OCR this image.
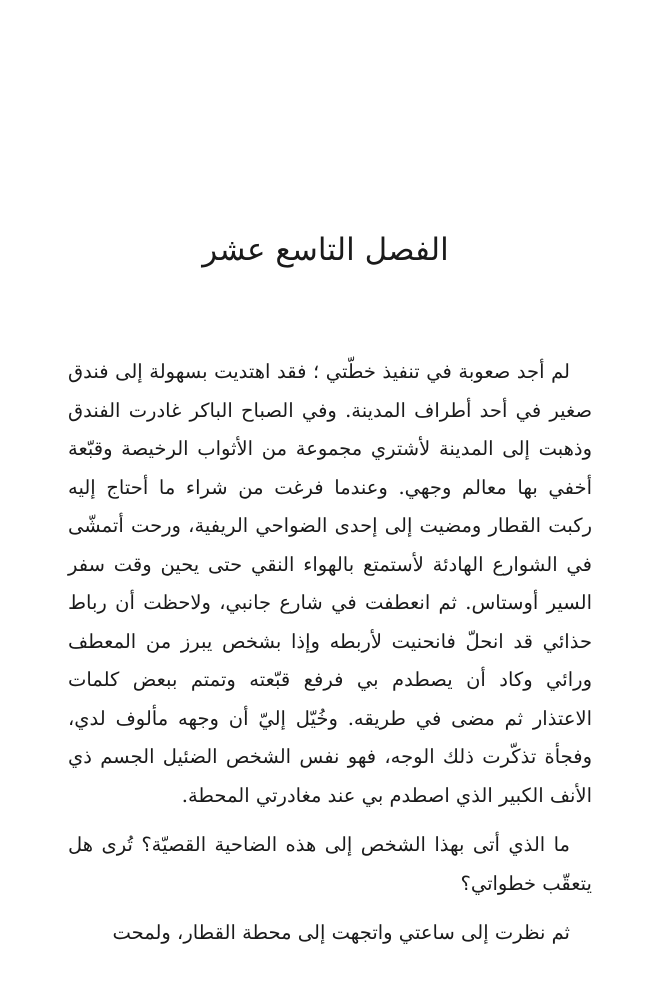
الفصل التاسع عشر

لم أجد صعوبة في تنفيذ خطّتي ؛ فقد اهتديت بسهولة إلى فندق صغير في أحد أطراف المدينة. وفي الصباح الباكر غادرت الفندق وذهبت إلى المدينة لأشتري مجموعة من الأثواب الرخيصة وقبّعة أخفي بها معالم وجهي. وعندما فرغت من شراء ما أحتاج إليه ركبت القطار ومضيت إلى إحدى الضواحي الريفية، ورحت أتمشّى في الشوارع الهادئة لأستمتع بالهواء النقي حتى يحين وقت سفر السير أوستاس. ثم انعطفت في شارع جانبي، ولاحظت أن رباط حذائي قد انحلّ فانحنيت لأربطه وإذا بشخص يبرز من المعطف ورائي وكاد أن يصطدم بي فرفع قبّعته وتمتم ببعض كلمات الاعتذار ثم مضى في طريقه. وخُيّل إليّ أن وجهه مألوف لدي، وفجأة تذكّرت ذلك الوجه، فهو نفس الشخص الضئيل الجسم ذي الأنف الكبير الذي اصطدم بي عند مغادرتي المحطة.

ما الذي أتى بهذا الشخص إلى هذه الضاحية القصيّة؟ تُرى هل يتعقّب خطواتي؟

ثم نظرت إلى ساعتي واتجهت إلى محطة القطار، ولمحت
